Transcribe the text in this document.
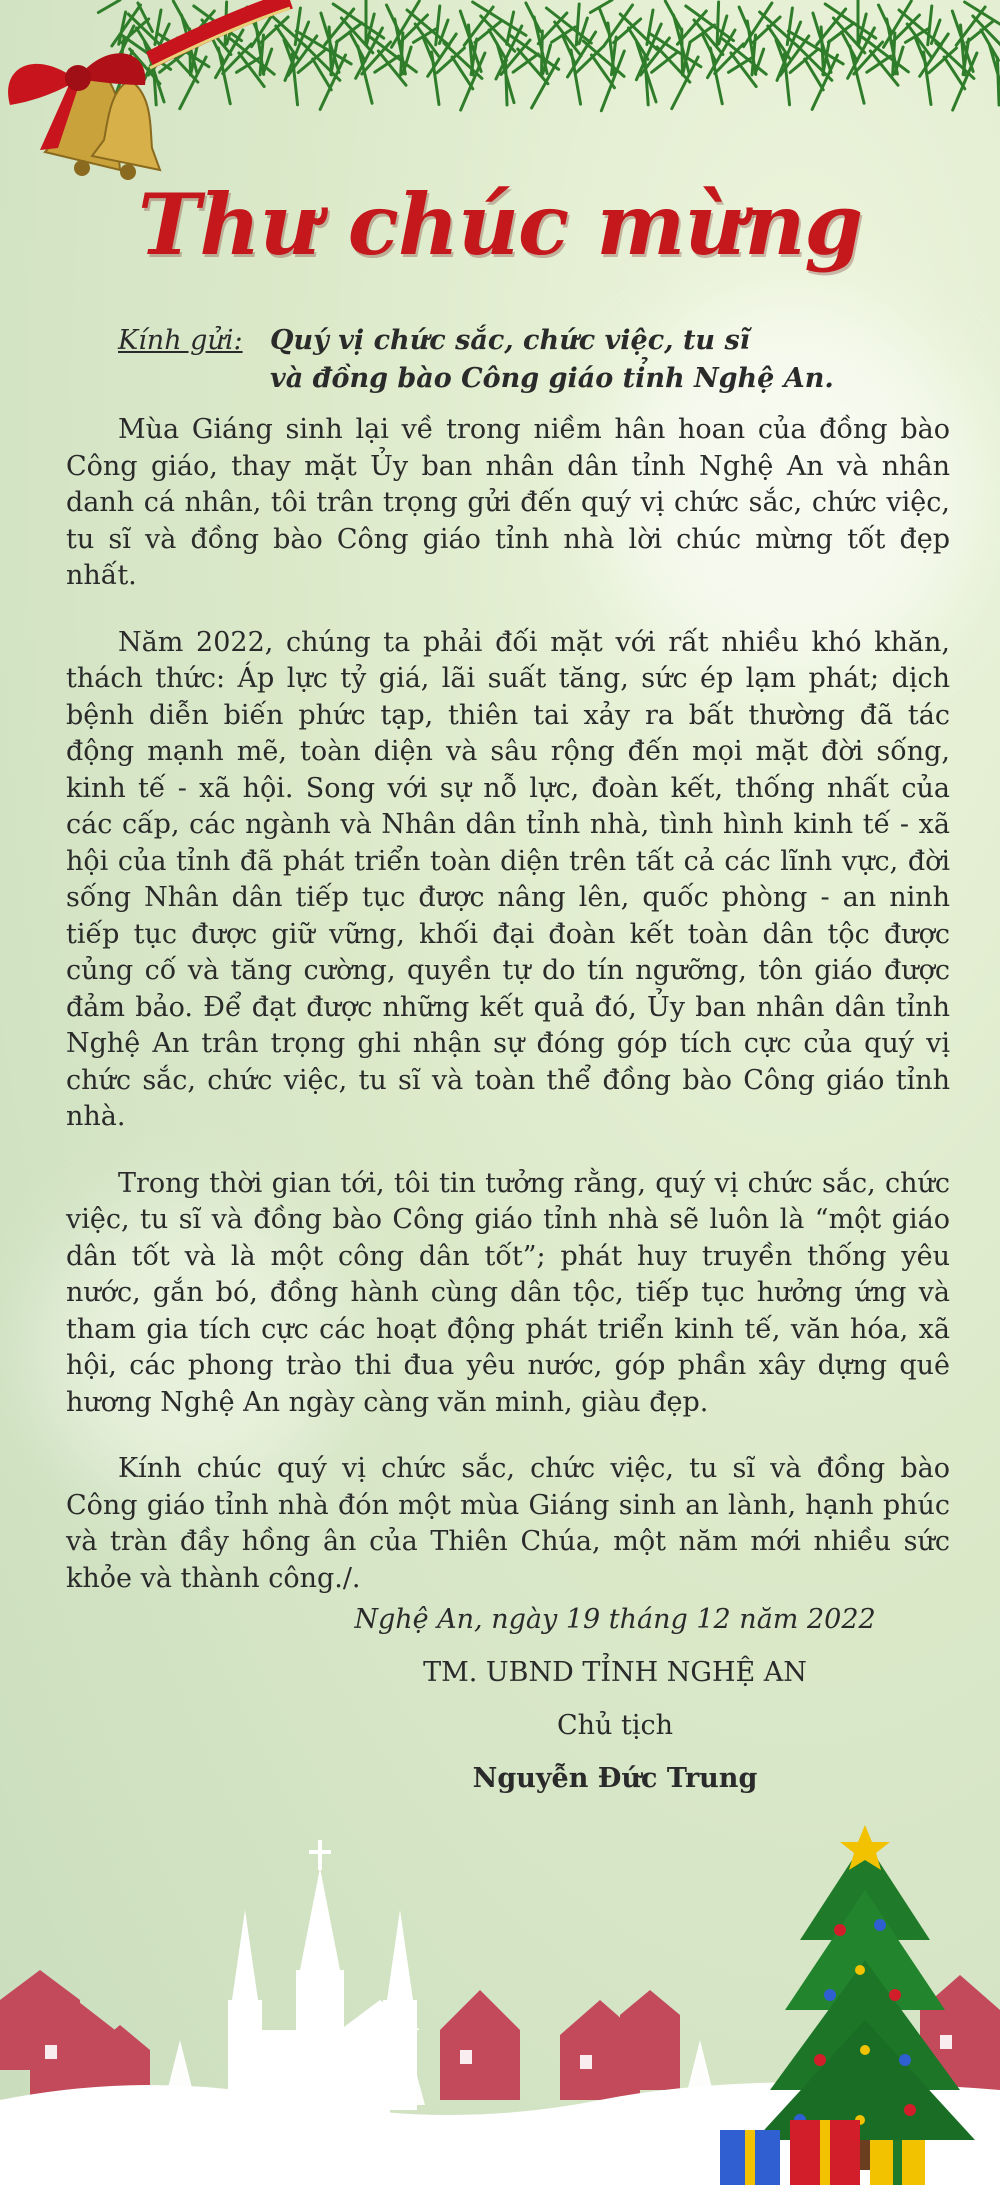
Thư chúc mừng
Kính gửi: Quý vị chức sắc, chức việc, tu sĩ
và đồng bào Công giáo tỉnh Nghệ An.

Mùa Giáng sinh lại về trong niềm hân hoan của đồng bào Công giáo, thay mặt Ủy ban nhân dân tỉnh Nghệ An và nhân danh cá nhân, tôi trân trọng gửi đến quý vị chức sắc, chức việc, tu sĩ và đồng bào Công giáo tỉnh nhà lời chúc mừng tốt đẹp nhất.

Năm 2022, chúng ta phải đối mặt với rất nhiều khó khăn, thách thức: Áp lực tỷ giá, lãi suất tăng, sức ép lạm phát; dịch bệnh diễn biến phức tạp, thiên tai xảy ra bất thường đã tác động mạnh mẽ, toàn diện và sâu rộng đến mọi mặt đời sống, kinh tế - xã hội. Song với sự nỗ lực, đoàn kết, thống nhất của các cấp, các ngành và Nhân dân tỉnh nhà, tình hình kinh tế - xã hội của tỉnh đã phát triển toàn diện trên tất cả các lĩnh vực, đời sống Nhân dân tiếp tục được nâng lên, quốc phòng - an ninh tiếp tục được giữ vững, khối đại đoàn kết toàn dân tộc được củng cố và tăng cường, quyền tự do tín ngưỡng, tôn giáo được đảm bảo. Để đạt được những kết quả đó, Ủy ban nhân dân tỉnh Nghệ An trân trọng ghi nhận sự đóng góp tích cực của quý vị chức sắc, chức việc, tu sĩ và toàn thể đồng bào Công giáo tỉnh nhà.

Trong thời gian tới, tôi tin tưởng rằng, quý vị chức sắc, chức việc, tu sĩ và đồng bào Công giáo tỉnh nhà sẽ luôn là “một giáo dân tốt và là một công dân tốt”; phát huy truyền thống yêu nước, gắn bó, đồng hành cùng dân tộc, tiếp tục hưởng ứng và tham gia tích cực các hoạt động phát triển kinh tế, văn hóa, xã hội, các phong trào thi đua yêu nước, góp phần xây dựng quê hương Nghệ An ngày càng văn minh, giàu đẹp.

Kính chúc quý vị chức sắc, chức việc, tu sĩ và đồng bào Công giáo tỉnh nhà đón một mùa Giáng sinh an lành, hạnh phúc và tràn đầy hồng ân của Thiên Chúa, một năm mới nhiều sức khỏe và thành công./.

Nghệ An, ngày 19 tháng 12 năm 2022
TM. UBND TỈNH NGHỆ AN
Chủ tịch
Nguyễn Đức Trung
